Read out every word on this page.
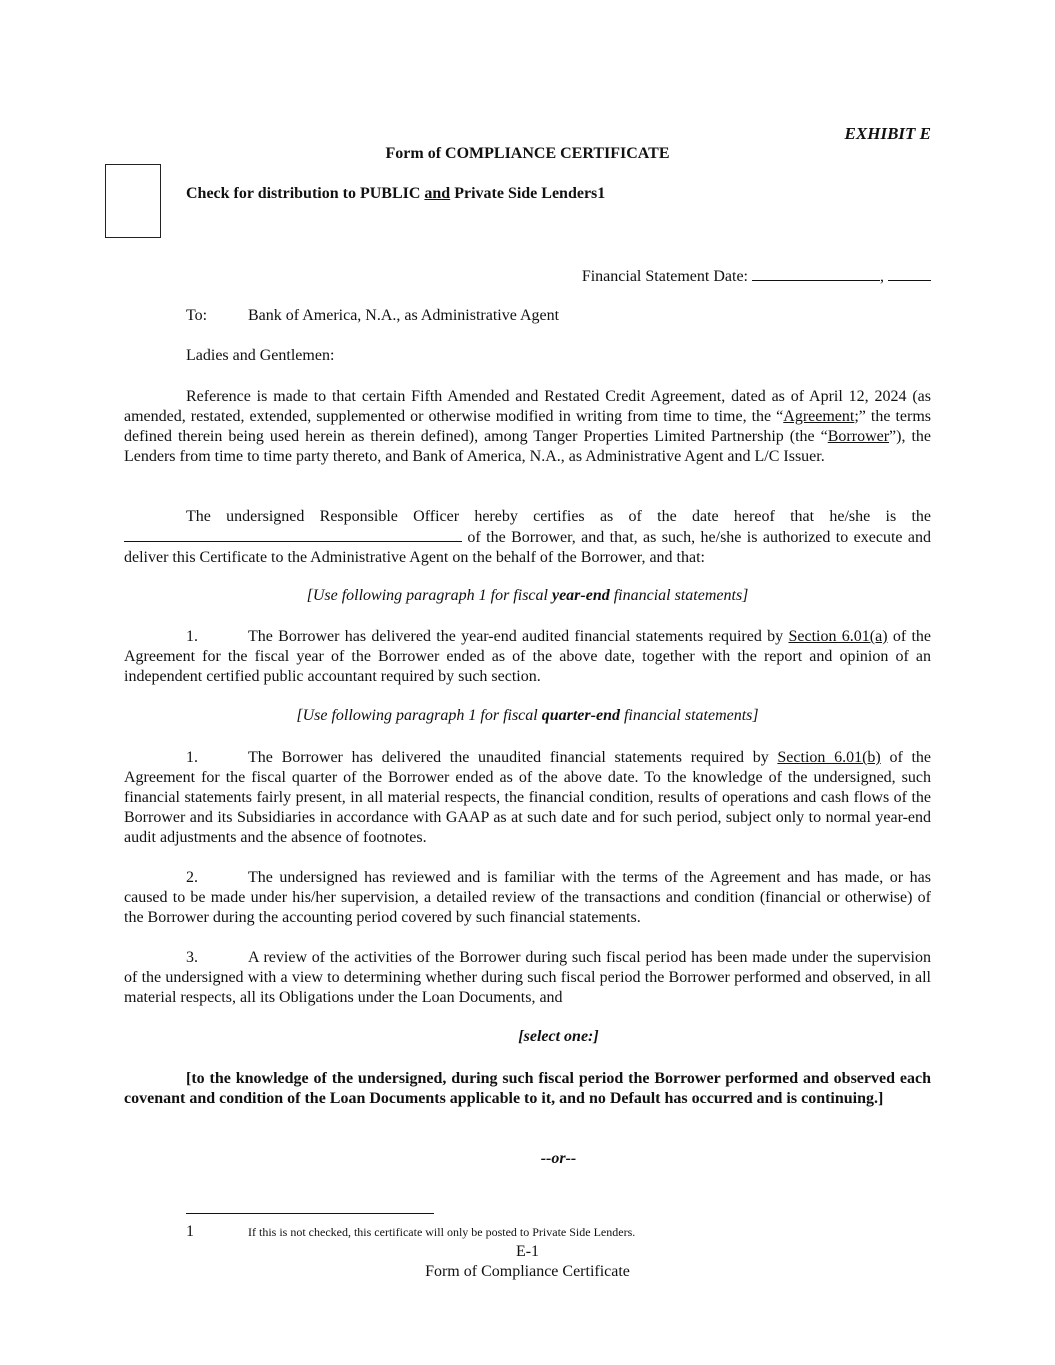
EXHIBIT E
Form of COMPLIANCE CERTIFICATE
Check for distribution to PUBLIC and Private Side Lenders1
Financial Statement Date:	,
To:	Bank of America, N.A., as Administrative Agent
Ladies and Gentlemen:
Reference is made to that certain Fifth Amended and Restated Credit Agreement, dated as of April 12, 2024 (as amended, restated, extended, supplemented or otherwise modified in writing from time to time, the “Agreement;” the terms defined therein being used herein as therein defined), among Tanger Properties Limited Partnership (the “Borrower”), the Lenders from time to time party thereto, and Bank of America, N.A., as Administrative Agent and L/C Issuer.
The undersigned Responsible Officer hereby certifies as of the date hereof that he/she is the  of the Borrower, and that, as such, he/she is authorized to execute and deliver this Certificate to the Administrative Agent on the behalf of the Borrower, and that:
[Use following paragraph 1 for fiscal year-end financial statements]
1.	The Borrower has delivered the year-end audited financial statements required by Section 6.01(a) of the Agreement for the fiscal year of the Borrower ended as of the above date, together with the report and opinion of an independent certified public accountant required by such section.
[Use following paragraph 1 for fiscal quarter-end financial statements]
1.	The Borrower has delivered the unaudited financial statements required by Section 6.01(b) of the Agreement for the fiscal quarter of the Borrower ended as of the above date. To the knowledge of the undersigned, such financial statements fairly present, in all material respects, the financial condition, results of operations and cash flows of the Borrower and its Subsidiaries in accordance with GAAP as at such date and for such period, subject only to normal year-end audit adjustments and the absence of footnotes.
2.	The undersigned has reviewed and is familiar with the terms of the Agreement and has made, or has caused to be made under his/her supervision, a detailed review of the transactions and condition (financial or otherwise) of the Borrower during the accounting period covered by such financial statements.
3.	A review of the activities of the Borrower during such fiscal period has been made under the supervision of the undersigned with a view to determining whether during such fiscal period the Borrower performed and observed, in all material respects, all its Obligations under the Loan Documents, and
[select one:]
[to the knowledge of the undersigned, during such fiscal period the Borrower performed and observed each covenant and condition of the Loan Documents applicable to it, and no Default has occurred and is continuing.]
--or--
1	If this is not checked, this certificate will only be posted to Private Side Lenders.
E-1
Form of Compliance Certificate
